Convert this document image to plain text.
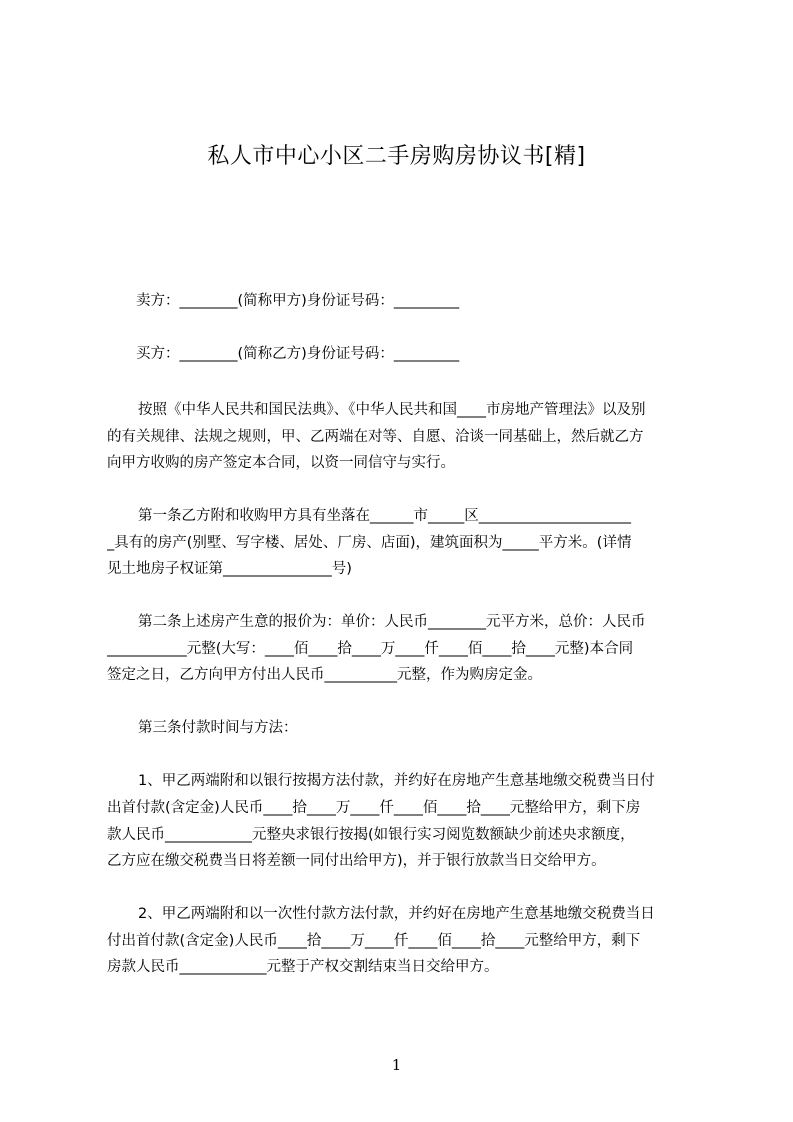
私人市中心小区二手房购房协议书[精]
卖方：________(简称甲方)身份证号码：_________
买方：________(简称乙方)身份证号码：_________
按照《中华人民共和国民法典》、《中华人民共和国____市房地产管理法》以及别
的有关规律、法规之规则，甲、乙两端在对等、自愿、洽谈一同基础上，然后就乙方
向甲方收购的房产签定本合同，以资一同信守与实行。
第一条乙方附和收购甲方具有坐落在______市_____区_____________________
_具有的房产(别墅、写字楼、居处、厂房、店面)，建筑面积为_____平方米。(详情
见土地房子权证第_______________号)
第二条上述房产生意的报价为：单价：人民币________元平方米，总价：人民币
___________元整(大写：____佰____拾____万____仟____佰____拾____元整)本合同
签定之日，乙方向甲方付出人民币__________元整，作为购房定金。
第三条付款时间与方法：
1、甲乙两端附和以银行按揭方法付款，并约好在房地产生意基地缴交税费当日付
出首付款(含定金)人民币____拾____万____仟____佰____拾____元整给甲方，剩下房
款人民币____________元整央求银行按揭(如银行实习阅览数额缺少前述央求额度，
乙方应在缴交税费当日将差额一同付出给甲方)，并于银行放款当日交给甲方。
2、甲乙两端附和以一次性付款方法付款，并约好在房地产生意基地缴交税费当日
付出首付款(含定金)人民币____拾____万____仟____佰____拾____元整给甲方，剩下
房款人民币____________元整于产权交割结束当日交给甲方。
1
